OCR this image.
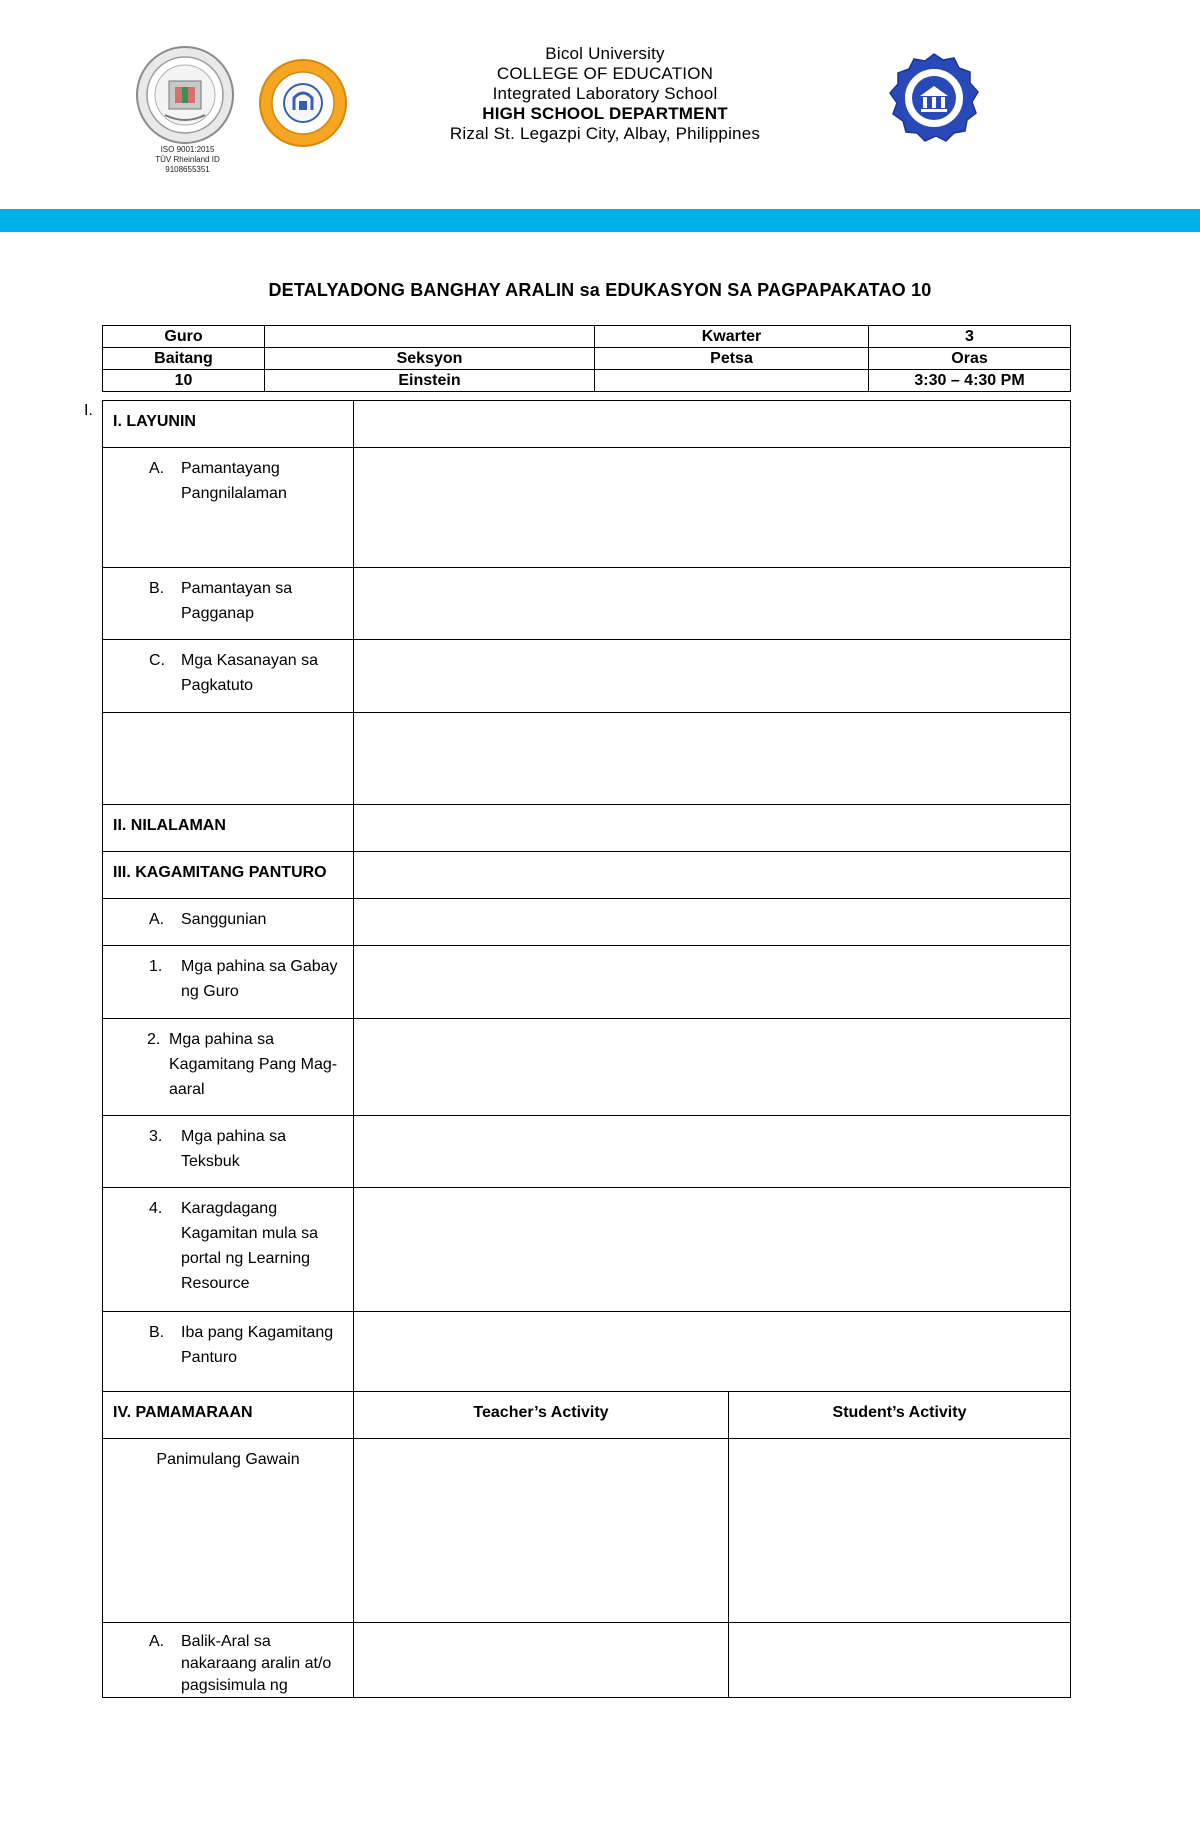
ISO 9001:2015
TÜV Rheinland ID 9108655351
Bicol University
COLLEGE OF EDUCATION
Integrated Laboratory School
HIGH SCHOOL DEPARTMENT
Rizal St. Legazpi City, Albay, Philippines
DETALYADONG BANGHAY ARALIN sa EDUKASYON SA PAGPAPAKATAO 10
Guro		Kwarter	3
Baitang	Seksyon	Petsa	Oras
10	Einstein		3:30 – 4:30 PM
I.
I. LAYUNIN		

A. Pamantayang Pangnilalaman		

B. Pamantayan sa Pagganap		

C. Mga Kasanayan sa Pagkatuto		

II. NILALAMAN		
III. KAGAMITANG PANTURO		

A. Sanggunian		

1. Mga pahina sa Gabay ng Guro		

2. Mga pahina sa Kagamitang Pang Mag-aaral		

3. Mga pahina sa Teksbuk		

4. Karagdagang Kagamitan mula sa portal ng Learning Resource		

B. Iba pang Kagamitang Panturo		

IV. PAMAMARAAN	Teacher’s Activity	Student’s Activity
Panimulang Gawain		

A. Balik-Aral sa nakaraang aralin at/o pagsisimula ng		
